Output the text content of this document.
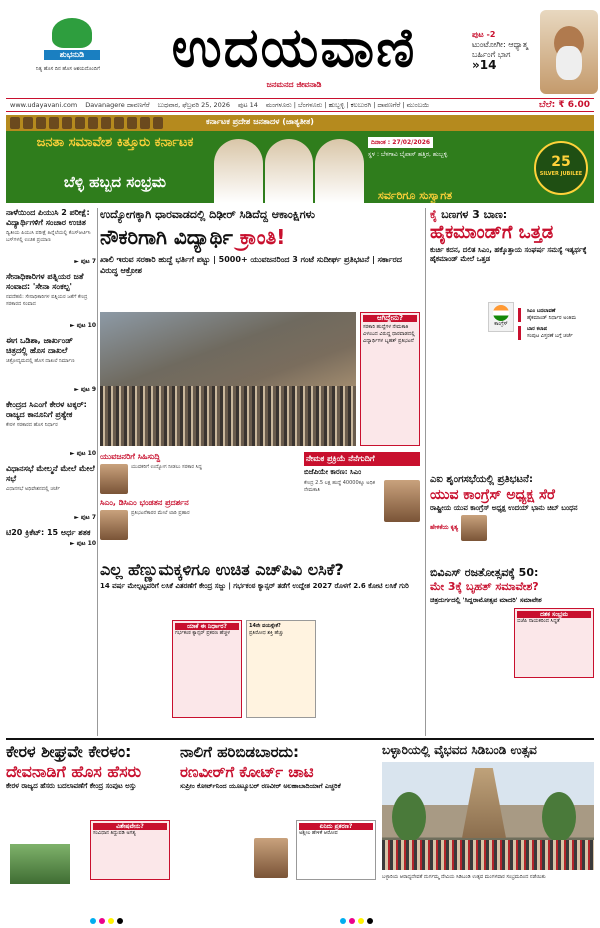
ಶುಭನುಡಿ
ನಿತ್ಯ ಹೊಸ ದಿನ ಹೊಸ ಆಶಯದೊಂದಿಗೆ	ಉದಯವಾಣಿ
ಜನಮನದ ಜೀವನಾಡಿ
ಪುಟ -2
ಟುಂಟೋಗೀ: ಆಧ್ಯಾತ್ಮ ಬರ್ಹಿಂಗೆ ಭಾಗ
»14
www.udayavani.com Davanagere ದಾವಣಗೆರೆ ಬುಧವಾರ, ಫೆಬ್ರವರಿ 25, 2026 ಪುಟ 14 ಮಂಗಳೂರು | ಬೆಂಗಳೂರು | ಹುಬ್ಬಳ್ಳಿ | ಕಲಬುರಗಿ | ದಾವಣಗೆರೆ | ಮುಂಬಯಿ	ಬೆಲೆ: ₹ 6.00
ಕರ್ನಾಟಕ ಪ್ರದೇಶ ಜನತಾದಳ (ಜಾತ್ಯತೀತ)
ಜನತಾ ಸಮಾವೇಶ ಕಿತ್ತೂರು ಕರ್ನಾಟಕ
ಬೆಳ್ಳಿ ಹಬ್ಬದ ಸಂಭ್ರಮ
ದಿನಾಂಕ : 27/02/2026
ಸ್ಥಳ : ಬೆಳಗಾವಿ ಬೈಪಾಸ್ ಹತ್ತಿರ, ಹುಬ್ಬಳ್ಳಿ
ಸರ್ವರಿಗೂ ಸುಸ್ವಾಗತ
25
SILVER JUBILEE
ನಾಳೆಯಿಂದ ಪಿಯುಸಿ 2 ಪರೀಕ್ಷೆ: ವಿದ್ಯಾರ್ಥಿಗಳಿಗೆ ಸಂಚಾರ ಉಚಿತ
ದ್ವಿತೀಯ ಪಿಯುಸಿ ಪರೀಕ್ಷೆ ಹಿನ್ನೆಲೆಯಲ್ಲಿ ಕೆಎಸ್ಆರ್ಟಿಸಿ ಬಸ್‌ಗಳಲ್ಲಿ ಉಚಿತ ಪ್ರಯಾಣ
► ಪುಟ 7
ಸೇನಾಧಿಕಾರಿಗಳ ಪತ್ನಿಯರ ಜತೆ ಸಂವಾದ: 'ಸೇನಾ ಸಂಕಲ್ಪ'
ನವದೆಹಲಿ: ಸೇನಾಧಿಕಾರಿಗಳ ಪತ್ನಿಯರ ಜತೆಗೆ ಕೇಂದ್ರ ಸರಕಾರದ ಸಂವಾದ
► ಪುಟ 10
ಈಗ ಒಡಿಶಾ, ಜಾರ್ಖಂಡ್ ಚಿತ್ರದಲ್ಲಿ ಹೊಸ ದಾಖಲೆ
ಚಿತ್ರೋದ್ಯಮದಲ್ಲಿ ಹೊಸ ದಾಖಲೆ ನಿರ್ಮಾಣ
► ಪುಟ 9
ಕೇಂದ್ರದ ಸಿಎಂಗೆ ಕೇರಳ ಟಕ್ಕರ್: ರಾಜ್ಯದ ಕಾನೂನಿಗೆ ಪ್ರತ್ಯೇಕ
ಕೇರಳ ಸರಕಾರದ ಹೊಸ ನಿರ್ಧಾರ
► ಪುಟ 10
ವಿಧಾನಸಭೆ ಮೇಲ್ಮನೆ ಮೇಲೆ ಮೇಲೆ ಸಭೆ
ವಿಧಾನಸಭೆ ಅಧಿವೇಶನದಲ್ಲಿ ಚರ್ಚೆ
► ಪುಟ 7
ಟಿ20 ಕ್ರಿಕೆಟ್: 15 ಅರ್ಧ ಶತಕ
► ಪುಟ 10
ಉದ್ಯೋಗಕ್ಕಾಗಿ ಧಾರವಾಡದಲ್ಲಿ ದಿಢೀರ್ ಸಿಡಿದೆದ್ದ ಆಕಾಂಕ್ಷಿಗಳು
ನೌಕರಿಗಾಗಿ ವಿದ್ಯಾರ್ಥಿ ಕ್ರಾಂತಿ!
ಖಾಲಿ ಇರುವ ಸರಕಾರಿ ಹುದ್ದೆ ಭರ್ತಿಗೆ ಪಟ್ಟು | 5000+ ಯುವಜನರಿಂದ 3 ಗಂಟೆ ಸುದೀರ್ಘ ಪ್ರತಿಭಟನೆ | ಸರ್ಕಾರದ ವಿರುದ್ಧ ಆಕ್ರೋಶ
ಆಗಿದ್ದೇನು?
ಸರಕಾರಿ ಹುದ್ದೆಗಳ ನೇಮಕಾತಿ ವಿಳಂಬದ ವಿರುದ್ಧ ಧಾರವಾಡದಲ್ಲಿ ವಿದ್ಯಾರ್ಥಿಗಳ ಬೃಹತ್ ಪ್ರತಿಭಟನೆ
ಯುವಜನರಿಗೆ ಸಿಹಿಸುದ್ದಿ
ಯುವಕರಿಗೆ ಉದ್ಯೋಗ ನೀಡಲು ಸರಕಾರ ಸಿದ್ಧ
ಸಿಎಂ, ಡಿಸಿಎಂ ಭಂಡತನ ಪ್ರದರ್ಶನ
ಪ್ರತಿಭಟನೆಕಾರರ ಮೇಲೆ ಲಾಠಿ ಪ್ರಹಾರ
ನೇಮಕ ಪ್ರಕ್ರಿಯೆ ನೆನೆಗುದಿಗೆ
ಬಿಜೆಪಿಯೇ ಕಾರಣ: ಸಿಎಂ
ಕೇಂದ್ರ 2.5 ಲಕ್ಷ ಹುದ್ದೆ 40000ಕ್ಕೂ ಅಧಿಕ ನೇಮಕಾತಿ
ಕೈ ಬಣಗಳ 3 ಬಾಣ:
ಹೈಕಮಾಂಡ್‌ಗೆ ಒತ್ತಡ
ಕುರ್ಚಿ ಕದನ, ದಲಿತ ಸಿಎಂ, ಹಕ್ಕೊತ್ತಾಯ ಸಂಘರ್ಷ ಸಮಸ್ಯೆ ಇತ್ಯರ್ಥಕ್ಕೆ ಹೈಕಮಾಂಡ್ ಮೇಲೆ ಒತ್ತಡ
ಕಾಂಗ್ರೆಸ್
ಸಿಎಂ ಬದಲಾವಣೆ
ಹೈಕಮಾಂಡ್ ನಿರ್ಧಾರ ಅಂತಿಮ
ಬಾರ ಕಲಾಪ
ಸಂಪುಟ ವಿಸ್ತರಣೆ ಬಗ್ಗೆ ಚರ್ಚೆ
ಎಐ ಶೃಂಗಸಭೆಯಲ್ಲಿ ಪ್ರತಿಭಟನೆ:
ಯುವ ಕಾಂಗ್ರೆಸ್ ಅಧ್ಯಕ್ಷ ಸೆರೆ
ರಾಷ್ಟ್ರೀಯ ಯುವ ಕಾಂಗ್ರೆಸ್ ಅಧ್ಯಕ್ಷ ಉದಯ್ ಭಾನು ಚಿಬ್ ಬಂಧನ
ಹೇಳಿಕೆಯ ಕೃತ್ಯ
ಬಿವಿಎಸ್ ರಜತೋತ್ಸವಕ್ಕೆ 50:
ಮೇ 3ಕ್ಕೆ ಬೃಹತ್ ಸಮಾವೇಶ?
ಚಿತ್ರದುರ್ಗದಲ್ಲಿ 'ಸಿದ್ದರಾಮೋತ್ಸವ ಮಾದರಿ' ಸಮಾವೇಶ
ದಶಕ ಸಂಭ್ರಮ
ಬಿಜೆಪಿ ನಾಯಕರಿಂದ ಸಿದ್ಧತೆ
ಎಲ್ಲ ಹೆಣ್ಣುಮಕ್ಕಳಿಗೂ ಉಚಿತ ಎಚ್‌ಪಿವಿ ಲಸಿಕೆ?
14 ವರ್ಷ ಮೇಲ್ಪಟ್ಟವರಿಗೆ ಲಸಿಕೆ ವಿತರಣೆಗೆ ಕೇಂದ್ರ ಸಜ್ಜು | ಗರ್ಭಕಂಠ ಕ್ಯಾನ್ಸರ್ ತಡೆಗೆ ಉದ್ದೇಶ 2027 ರೊಳಗೆ 2.6 ಕೋಟಿ ಲಸಿಕೆ ಗುರಿ
ಯಾಕೆ ಈ ನಿರ್ಧಾರ?
ಗರ್ಭಕಂಠ ಕ್ಯಾನ್ಸರ್ ಪ್ರಕರಣ ಹೆಚ್ಚಳ
14ನೇ ವಯಸ್ಸೇಕೆ?
ಪ್ರತಿರೋಧ ಶಕ್ತಿ ಹೆಚ್ಚು
ಕೇರಳ ಶೀಘ್ರವೇ ಕೇರಳಂ:
ದೇವನಾಡಿಗೆ ಹೊಸ ಹೆಸರು
ಕೇರಳ ರಾಜ್ಯದ ಹೆಸರು ಬದಲಾವಣೆಗೆ ಕೇಂದ್ರ ಸಂಪುಟ ಅಸ್ತು
ವಿಶೇಷವೇನು?
ಸಂವಿಧಾನ ತಿದ್ದುಪಡಿ ಅಗತ್ಯ
ನಾಲಿಗೆ ಹರಿಬಿಡಬಾರದು:
ರಣವೀರ್‌ಗೆ ಕೋರ್ಟ್ ಚಾಟಿ
ಸುಪ್ರೀಂ ಕೋರ್ಟ್‌ನಿಂದ ಯೂಟ್ಯೂಬರ್ ರಣವೀರ್ ಅಲಹಾಬಾದಿಯಾಗೆ ಎಚ್ಚರಿಕೆ
ಏನಿದು ಪ್ರಕರಣ?
ಅಶ್ಲೀಲ ಹೇಳಿಕೆ ಆರೋಪ
ಬಳ್ಳಾರಿಯಲ್ಲಿ ವೈಭವದ ಸಿಡಿಬಂಡಿ ಉತ್ಸವ
ಬಳ್ಳಾರಿಯ ಆರಾಧ್ಯದೇವತೆ ದುರ್ಗಮ್ಮ ದೇವಿಯ ಸಿಡಿಬಂಡಿ ಉತ್ಸವ ಮಂಗಳವಾರ ಸಂಭ್ರಮದಿಂದ ನಡೆಯಿತು
